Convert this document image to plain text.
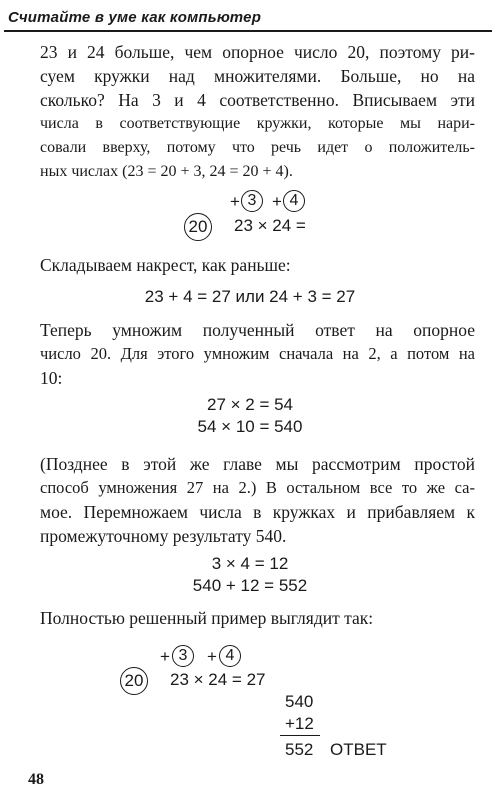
Считайте в уме как компьютер
23 и 24 больше, чем опорное число 20, поэтому ри-
суем кружки над множителями. Больше, но на
сколько? На 3 и 4 соответственно. Вписываем эти
числа в соответствующие кружки, которые мы нари-
совали вверху, потому что речь идет о положитель-
ных числах (23 = 20 + 3, 24 = 20 + 4).
+ 3 + 4
20 23 × 24 =
Складываем накрест, как раньше:
23 + 4 = 27 или 24 + 3 = 27
Теперь умножим полученный ответ на опорное
число 20. Для этого умножим сначала на 2, а потом на
10:
27 × 2 = 54
54 × 10 = 540
(Позднее в этой же главе мы рассмотрим простой
способ умножения 27 на 2.) В остальном все то же са-
мое. Перемножаем числа в кружках и прибавляем к
промежуточному результату 540.
3 × 4 = 12
540 + 12 = 552
Полностью решенный пример выглядит так:
+ 3	+ 4
20 23 × 24 = 27
540
+12
552 ОТВЕТ
48
